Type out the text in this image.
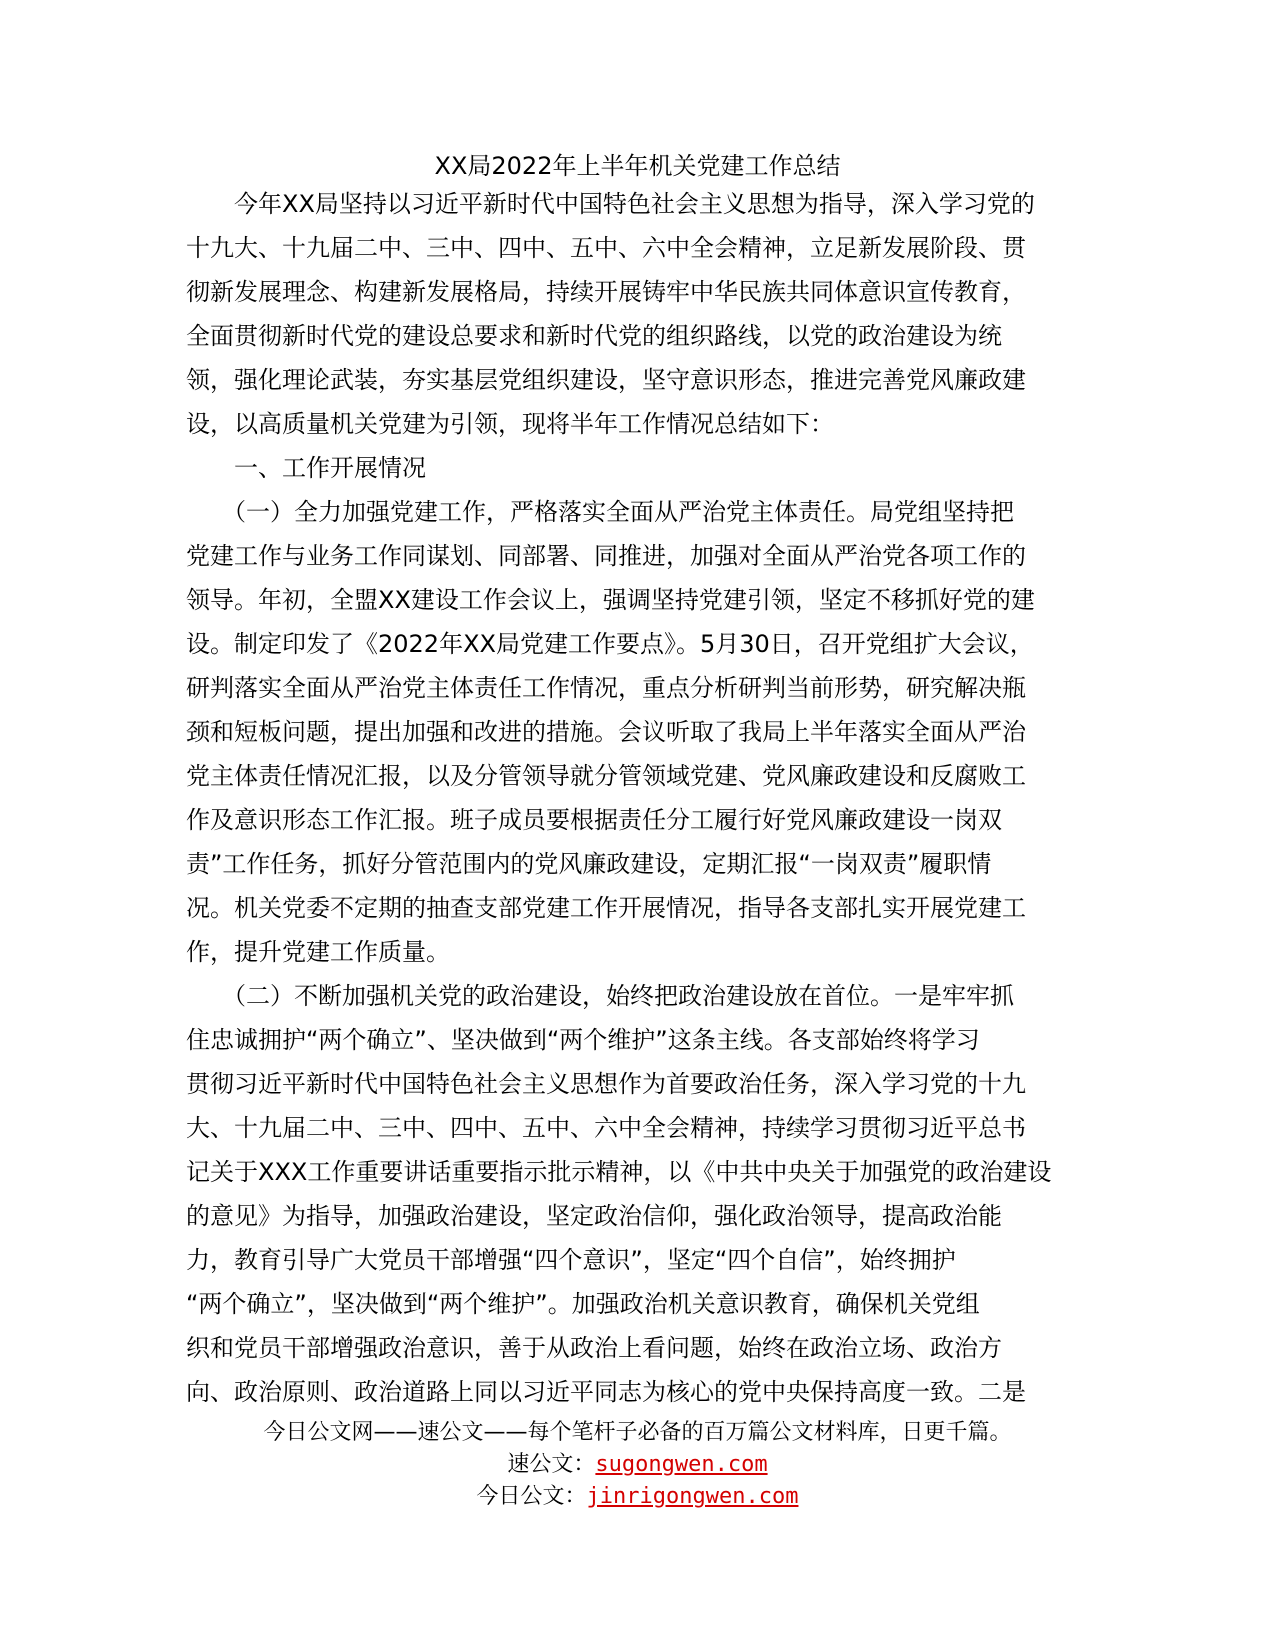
XX局2022年上半年机关党建工作总结
　　今年XX局坚持以习近平新时代中国特色社会主义思想为指导，深入学习党的
十九大、十九届二中、三中、四中、五中、六中全会精神，立足新发展阶段、贯
彻新发展理念、构建新发展格局，持续开展铸牢中华民族共同体意识宣传教育，
全面贯彻新时代党的建设总要求和新时代党的组织路线，以党的政治建设为统
领，强化理论武装，夯实基层党组织建设，坚守意识形态，推进完善党风廉政建
设，以高质量机关党建为引领，现将半年工作情况总结如下：
　　一、工作开展情况
　　（一）全力加强党建工作，严格落实全面从严治党主体责任。局党组坚持把
党建工作与业务工作同谋划、同部署、同推进，加强对全面从严治党各项工作的
领导。年初，全盟XX建设工作会议上，强调坚持党建引领，坚定不移抓好党的建
设。制定印发了《2022年XX局党建工作要点》。5月30日，召开党组扩大会议，
研判落实全面从严治党主体责任工作情况，重点分析研判当前形势，研究解决瓶
颈和短板问题，提出加强和改进的措施。会议听取了我局上半年落实全面从严治
党主体责任情况汇报，以及分管领导就分管领域党建、党风廉政建设和反腐败工
作及意识形态工作汇报。班子成员要根据责任分工履行好党风廉政建设一岗双
责”工作任务，抓好分管范围内的党风廉政建设，定期汇报“一岗双责”履职情
况。机关党委不定期的抽查支部党建工作开展情况，指导各支部扎实开展党建工
作，提升党建工作质量。
　　（二）不断加强机关党的政治建设，始终把政治建设放在首位。一是牢牢抓
住忠诚拥护“两个确立”、坚决做到“两个维护”这条主线。各支部始终将学习
贯彻习近平新时代中国特色社会主义思想作为首要政治任务，深入学习党的十九
大、十九届二中、三中、四中、五中、六中全会精神，持续学习贯彻习近平总书
记关于XXX工作重要讲话重要指示批示精神，以《中共中央关于加强党的政治建设
的意见》为指导，加强政治建设，坚定政治信仰，强化政治领导，提高政治能
力，教育引导广大党员干部增强“四个意识”，坚定“四个自信”，始终拥护
“两个确立”，坚决做到“两个维护”。加强政治机关意识教育，确保机关党组
织和党员干部增强政治意识，善于从政治上看问题，始终在政治立场、政治方
向、政治原则、政治道路上同以习近平同志为核心的党中央保持高度一致。二是
今日公文网——速公文——每个笔杆子必备的百万篇公文材料库，日更千篇。
速公文：sugongwen.com
今日公文：jinrigongwen.com
